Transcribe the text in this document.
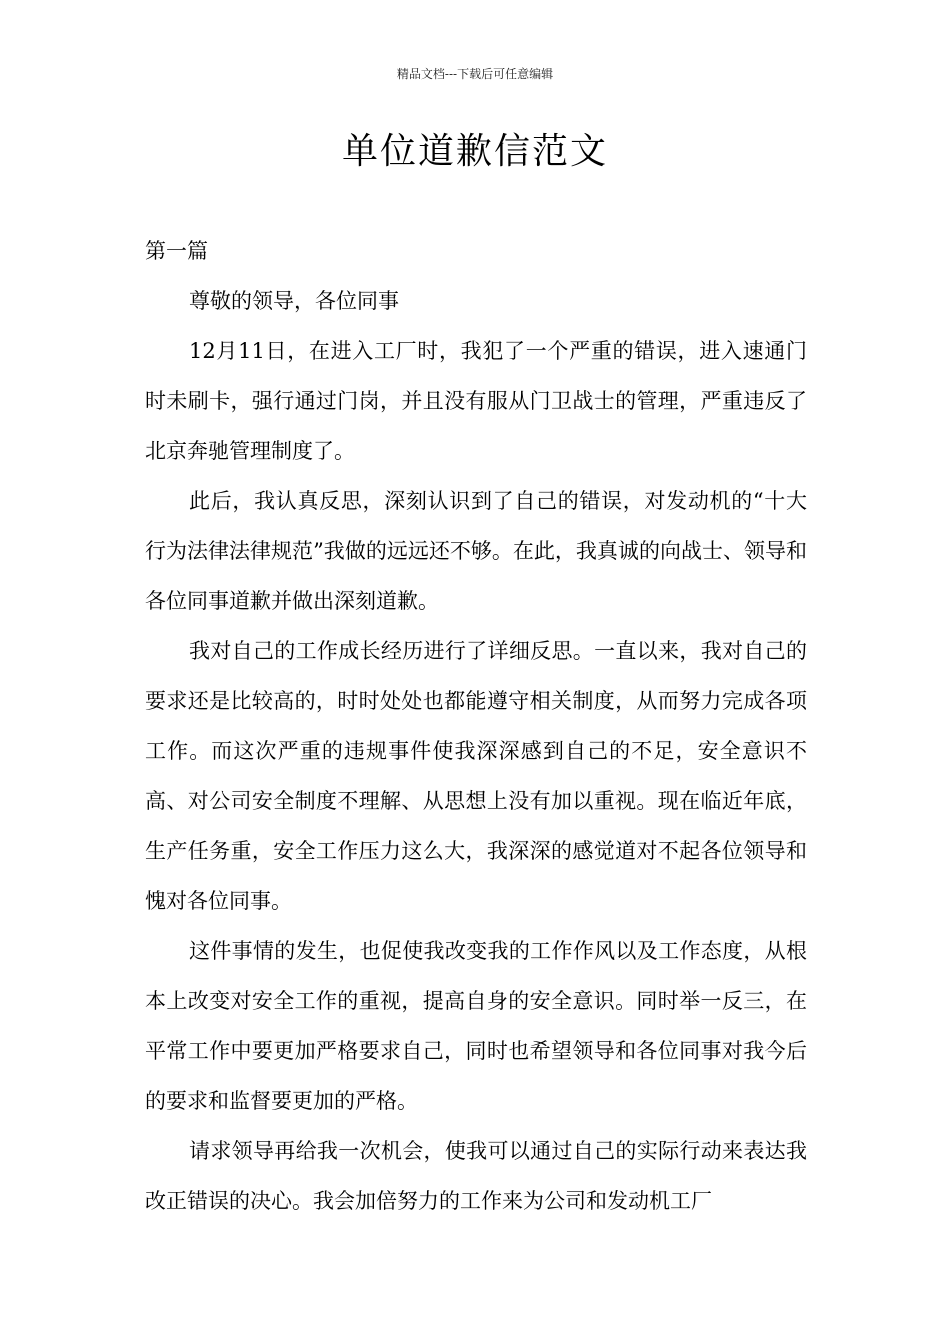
精品文档---下载后可任意编辑
单位道歉信范文

第一篇

尊敬的领导，各位同事

12月11日，在进入工厂时，我犯了一个严重的错误，进入速通门时未刷卡，强行通过门岗，并且没有服从门卫战士的管理，严重违反了北京奔驰管理制度了。

此后，我认真反思，深刻认识到了自己的错误，对发动机的“十大行为法律法律规范”我做的远远还不够。在此，我真诚的向战士、领导和各位同事道歉并做出深刻道歉。

我对自己的工作成长经历进行了详细反思。一直以来，我对自己的要求还是比较高的，时时处处也都能遵守相关制度，从而努力完成各项工作。而这次严重的违规事件使我深深感到自己的不足，安全意识不高、对公司安全制度不理解、从思想上没有加以重视。现在临近年底，生产任务重，安全工作压力这么大，我深深的感觉道对不起各位领导和愧对各位同事。

这件事情的发生，也促使我改变我的工作作风以及工作态度，从根本上改变对安全工作的重视，提高自身的安全意识。同时举一反三，在平常工作中要更加严格要求自己，同时也希望领导和各位同事对我今后的要求和监督要更加的严格。

请求领导再给我一次机会，使我可以通过自己的实际行动来表达我改正错误的决心。我会加倍努力的工作来为公司和发动机工厂
